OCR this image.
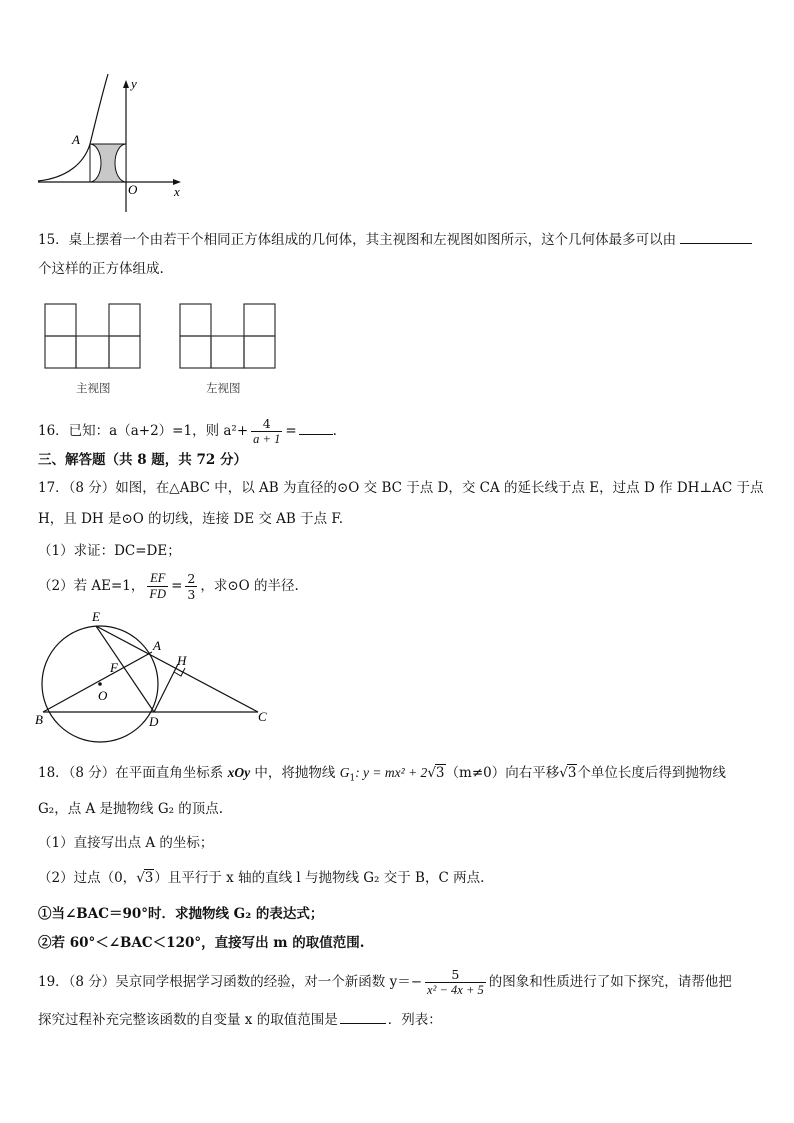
y
x
O
A
15．桌上摆着一个由若干个相同正方体组成的几何体，其主视图和左视图如图所示，这个几何体最多可以由
个这样的正方体组成.
主视图	左视图
16．已知：a（a+2）=1，则 $a^2+ \frac{4}{a + 1}$ =	.
三、解答题（共 8 题，共 72 分）
17．（8 分）如图，在△ABC 中，以 AB 为直径的⊙O 交 BC 于点 D，交 CA 的延长线于点 E，过点 D 作 DH⊥AC 于点
H，且 DH 是⊙O 的切线，连接 DE 交 AB 于点 F.
（1）求证：DC=DE；
（2）若 AE=1， $\frac{EF}{FD} = \frac{2}{3}$ ，求⊙O 的半径.
E
A
H
F
O
B	D	C
18．（8 分）在平面直角坐标系 xOy 中，将抛物线 $G_1$: y = mx² + 2√3（m≠0）向右平移√3个单位长度后得到抛物线
G₂，点 A 是抛物线 G₂ 的顶点.
（1）直接写出点 A 的坐标；
（2）过点（0，√3）且平行于 x 轴的直线 l 与抛物线 G₂ 交于 B，C 两点.
①当∠BAC＝90°时．求抛物线 G₂ 的表达式；
②若 60°＜∠BAC＜120°，直接写出 m 的取值范围.
19．（8 分）吴京同学根据学习函数的经验，对一个新函数 $y=- \frac{5}{\text{x² − 4x + 5}}$ 的图象和性质进行了如下探究，请帮他把
探究过程补充完整该函数的自变量 x 的取值范围是	．列表：
